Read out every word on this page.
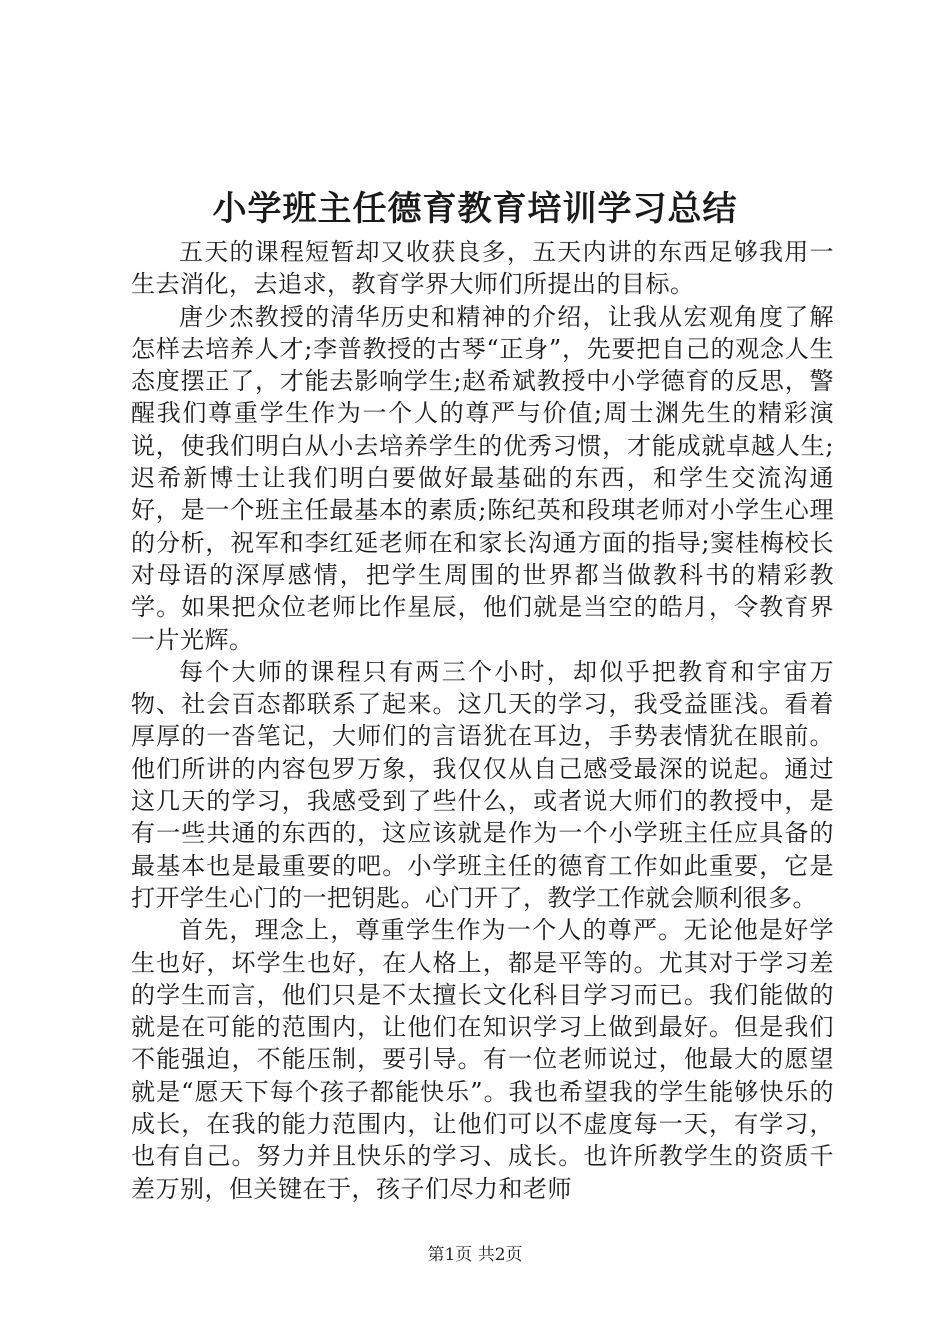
小学班主任德育教育培训学习总结

五天的课程短暂却又收获良多，五天内讲的东西足够我用一生去消化，去追求，教育学界大师们所提出的目标。

唐少杰教授的清华历史和精神的介绍，让我从宏观角度了解怎样去培养人才;李普教授的古琴“正身”，先要把自己的观念人生态度摆正了，才能去影响学生;赵希斌教授中小学德育的反思，警醒我们尊重学生作为一个人的尊严与价值;周士渊先生的精彩演说，使我们明白从小去培养学生的优秀习惯，才能成就卓越人生;迟希新博士让我们明白要做好最基础的东西，和学生交流沟通好，是一个班主任最基本的素质;陈纪英和段琪老师对小学生心理的分析，祝军和李红延老师在和家长沟通方面的指导;窦桂梅校长对母语的深厚感情，把学生周围的世界都当做教科书的精彩教学。如果把众位老师比作星辰，他们就是当空的皓月，令教育界一片光辉。

每个大师的课程只有两三个小时，却似乎把教育和宇宙万物、社会百态都联系了起来。这几天的学习，我受益匪浅。看着厚厚的一沓笔记，大师们的言语犹在耳边，手势表情犹在眼前。他们所讲的内容包罗万象，我仅仅从自己感受最深的说起。通过这几天的学习，我感受到了些什么，或者说大师们的教授中，是有一些共通的东西的，这应该就是作为一个小学班主任应具备的最基本也是最重要的吧。小学班主任的德育工作如此重要，它是打开学生心门的一把钥匙。心门开了，教学工作就会顺利很多。

首先，理念上，尊重学生作为一个人的尊严。无论他是好学生也好，坏学生也好，在人格上，都是平等的。尤其对于学习差的学生而言，他们只是不太擅长文化科目学习而已。我们能做的就是在可能的范围内，让他们在知识学习上做到最好。但是我们不能强迫，不能压制，要引导。有一位老师说过，他最大的愿望就是“愿天下每个孩子都能快乐”。我也希望我的学生能够快乐的成长，在我的能力范围内，让他们可以不虚度每一天，有学习，也有自己。努力并且快乐的学习、成长。也许所教学生的资质千差万别，但关键在于，孩子们尽力和老师

第1页 共2页
